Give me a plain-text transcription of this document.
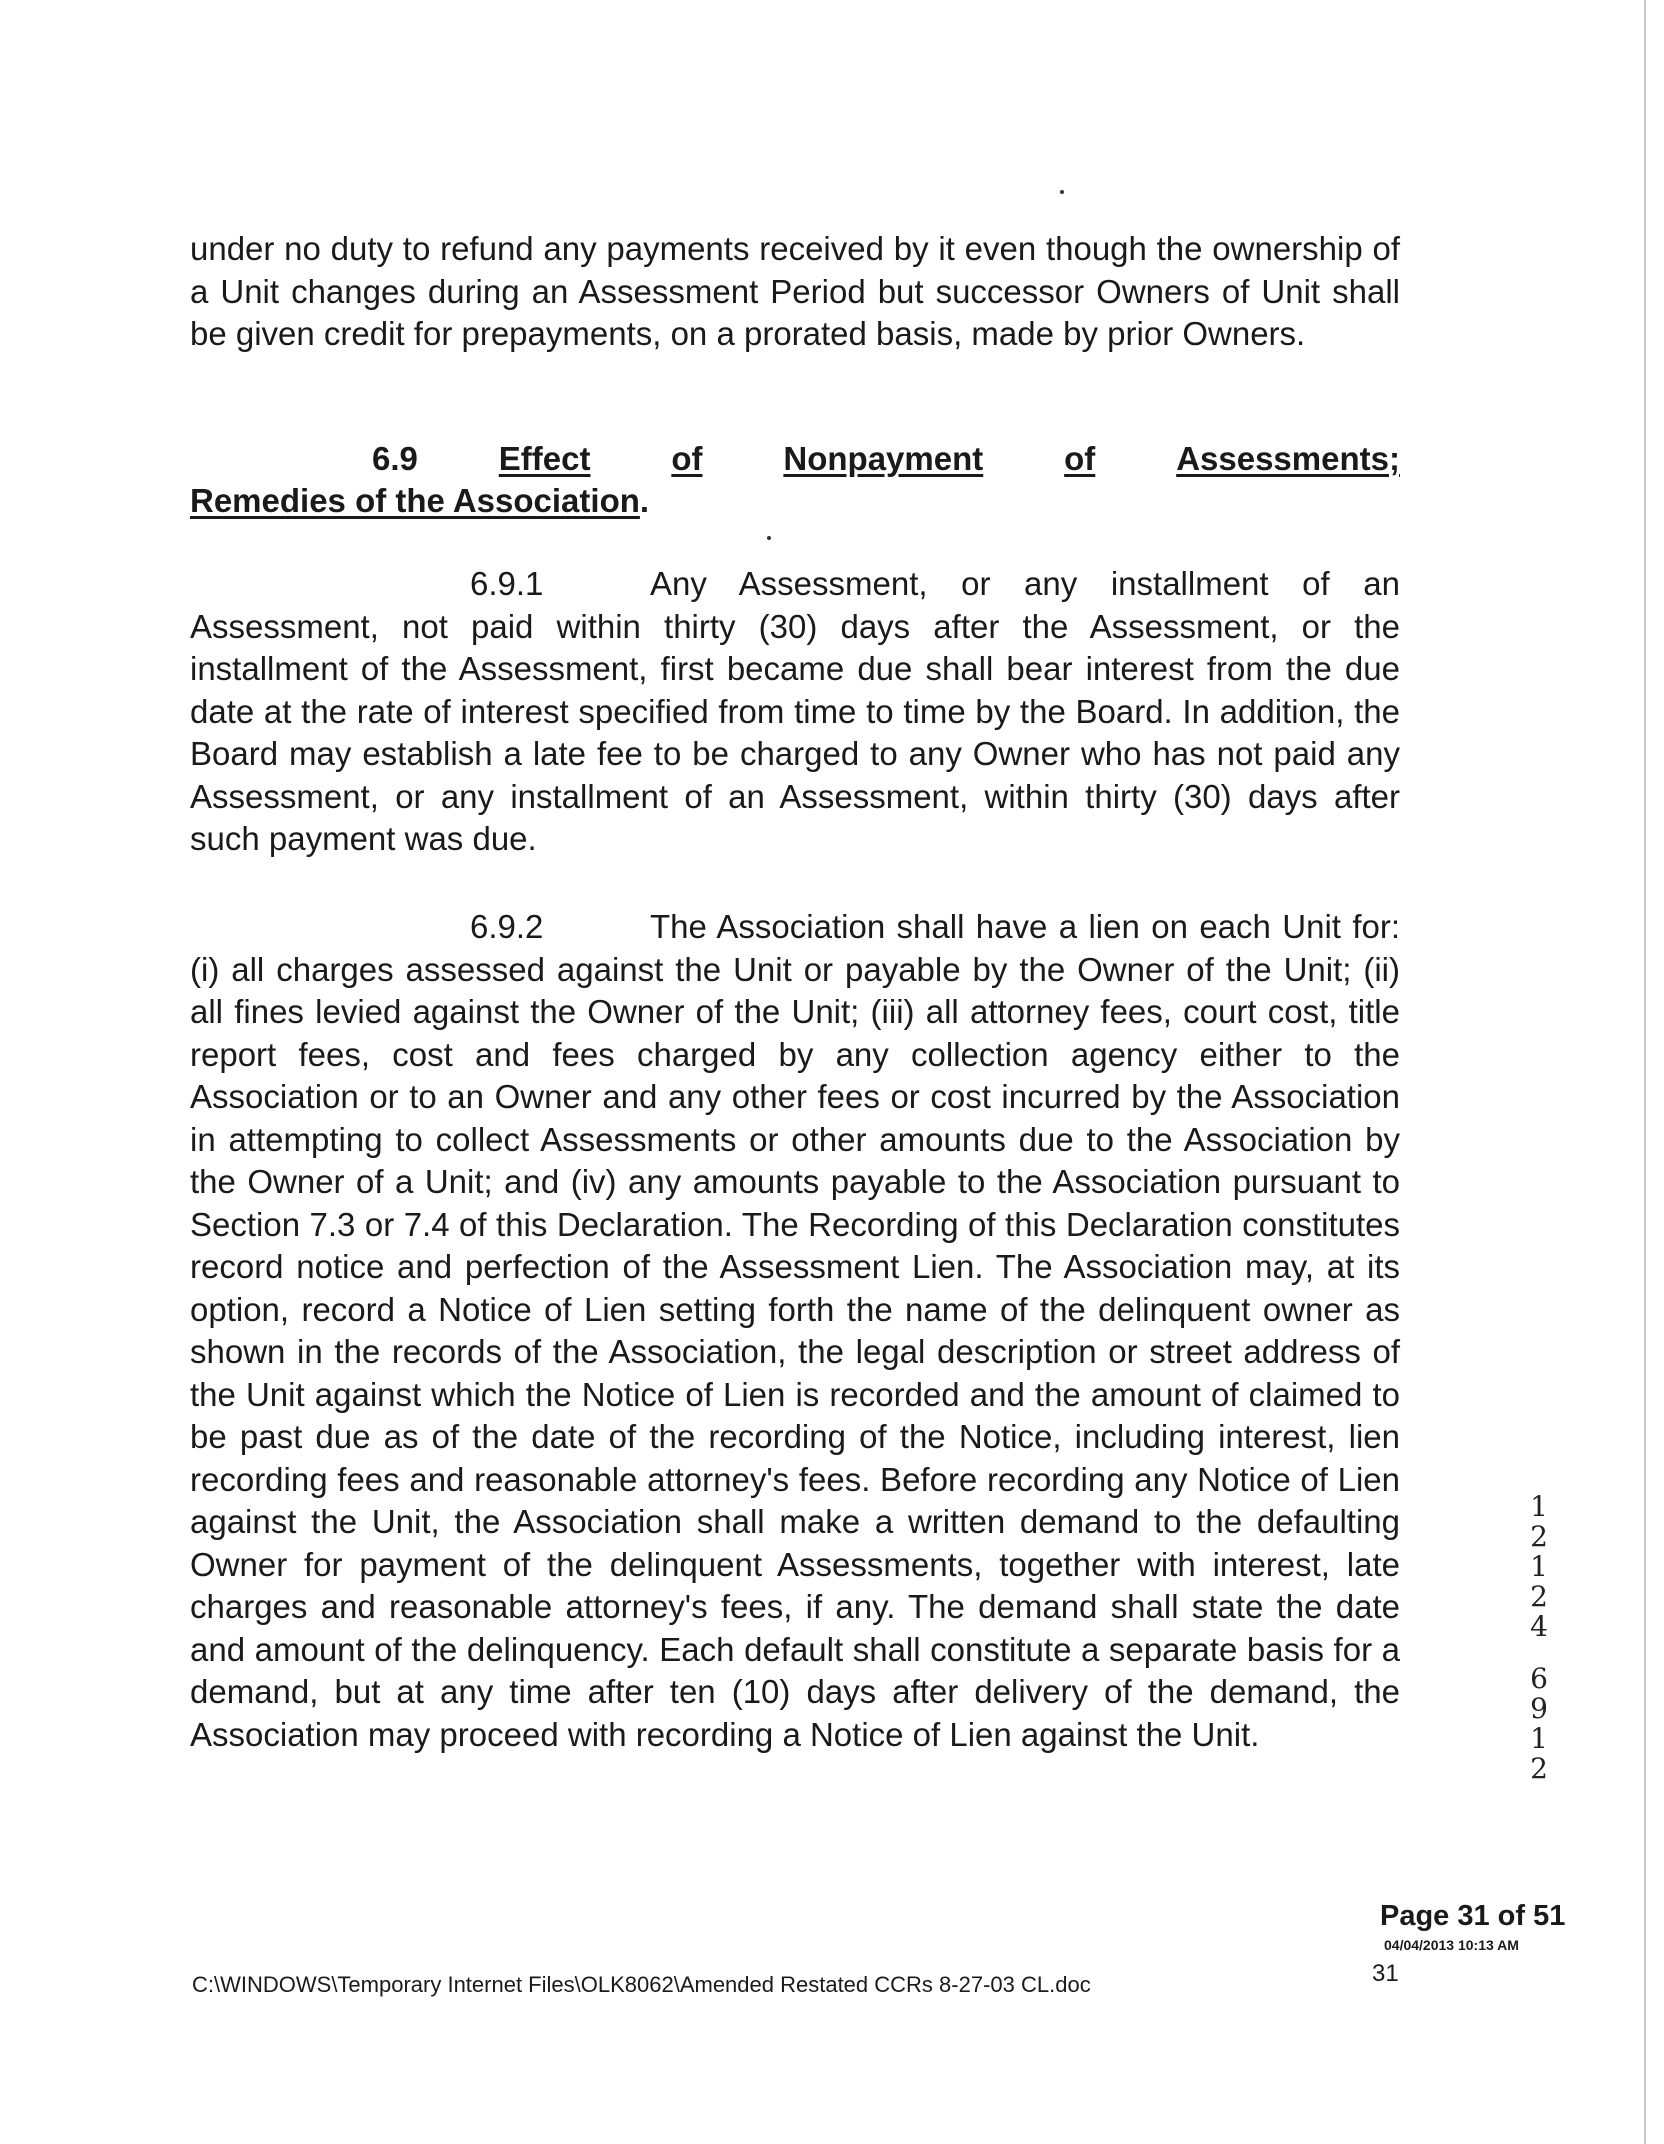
under no duty to refund any payments received by it even though the ownership of a Unit changes during an Assessment Period but successor Owners of Unit shall be given credit for prepayments, on a prorated basis, made by prior Owners.

6.9 Effect of Nonpayment of Assessments;
Remedies of the Association.

6.9.1	Any Assessment, or any installment of an Assessment, not paid within thirty (30) days after the Assessment, or the installment of the Assessment, first became due shall bear interest from the due date at the rate of interest specified from time to time by the Board. In addition, the Board may establish a late fee to be charged to any Owner who has not paid any Assessment, or any installment of an Assessment, within thirty (30) days after such payment was due.

6.9.2	The Association shall have a lien on each Unit for: (i) all charges assessed against the Unit or payable by the Owner of the Unit; (ii) all fines levied against the Owner of the Unit; (iii) all attorney fees, court cost, title report fees, cost and fees charged by any collection agency either to the Association or to an Owner and any other fees or cost incurred by the Association in attempting to collect Assessments or other amounts due to the Association by the Owner of a Unit; and (iv) any amounts payable to the Association pursuant to Section 7.3 or 7.4 of this Declaration. The Recording of this Declaration constitutes record notice and perfection of the Assessment Lien. The Association may, at its option, record a Notice of Lien setting forth the name of the delinquent owner as shown in the records of the Association, the legal description or street address of the Unit against which the Notice of Lien is recorded and the amount of claimed to be past due as of the date of the recording of the Notice, including interest, lien recording fees and reasonable attorney's fees. Before recording any Notice of Lien against the Unit, the Association shall make a written demand to the defaulting Owner for payment of the delinquent Assessments, together with interest, late charges and reasonable attorney's fees, if any. The demand shall state the date and amount of the delinquency. Each default shall constitute a separate basis for a demand, but at any time after ten (10) days after delivery of the demand, the Association may proceed with recording a Notice of Lien against the Unit.

1
2
1
2
4
6
9
1
2
Page 31 of 51
04/04/2013 10:13 AM
31
C:\WINDOWS\Temporary Internet Files\OLK8062\Amended Restated CCRs 8-27-03 CL.doc
